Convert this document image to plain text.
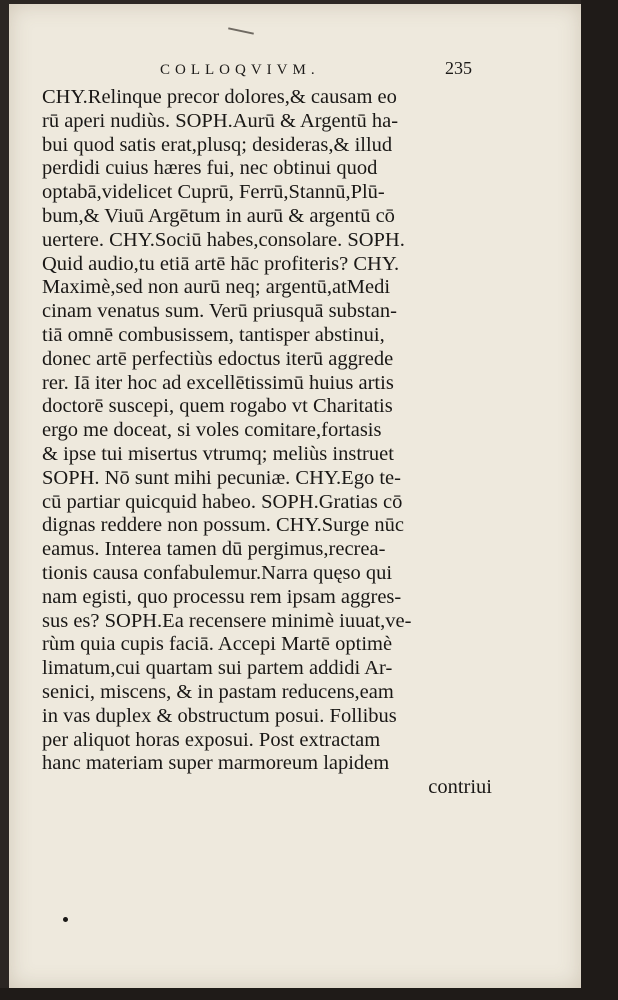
COLLOQVIVM.	235
CHY.Relinque precor dolores,& causam eo
rū aperi nudiùs. SOPH.Aurū & Argentū ha-
bui quod satis erat,plusq; desideras,& illud
perdidi cuius hæres fui, nec obtinui quod
optabā,videlicet Cuprū, Ferrū,Stannū,Plū-
bum,& Viuū Argētum in aurū & argentū cō
uertere. CHY.Sociū habes,consolare. SOPH.
Quid audio,tu etiā artē hāc profiteris? CHY.
Maximè,sed non aurū neq; argentū,atMedi
cinam venatus sum. Verū priusquā substan-
tiā omnē combusissem, tantisper abstinui,
donec artē perfectiùs edoctus iterū aggrede
rer. Iā iter hoc ad excellētissimū huius artis
doctorē suscepi, quem rogabo vt Charitatis
ergo me doceat, si voles comitare,fortasis
& ipse tui misertus vtrumq; meliùs instruet
SOPH. Nō sunt mihi pecuniæ. CHY.Ego te-
cū partiar quicquid habeo. SOPH.Gratias cō
dignas reddere non possum. CHY.Surge nūc
eamus. Interea tamen dū pergimus,recrea-
tionis causa confabulemur.Narra quęso qui
nam egisti, quo processu rem ipsam aggres-
sus es? SOPH.Ea recensere minimè iuuat,ve-
rùm quia cupis faciā. Accepi Martē optimè
limatum,cui quartam sui partem addidi Ar-
senici, miscens, & in pastam reducens,eam
in vas duplex & obstructum posui. Follibus
per aliquot horas exposui. Post extractam
hanc materiam super marmoreum lapidem
contriui
